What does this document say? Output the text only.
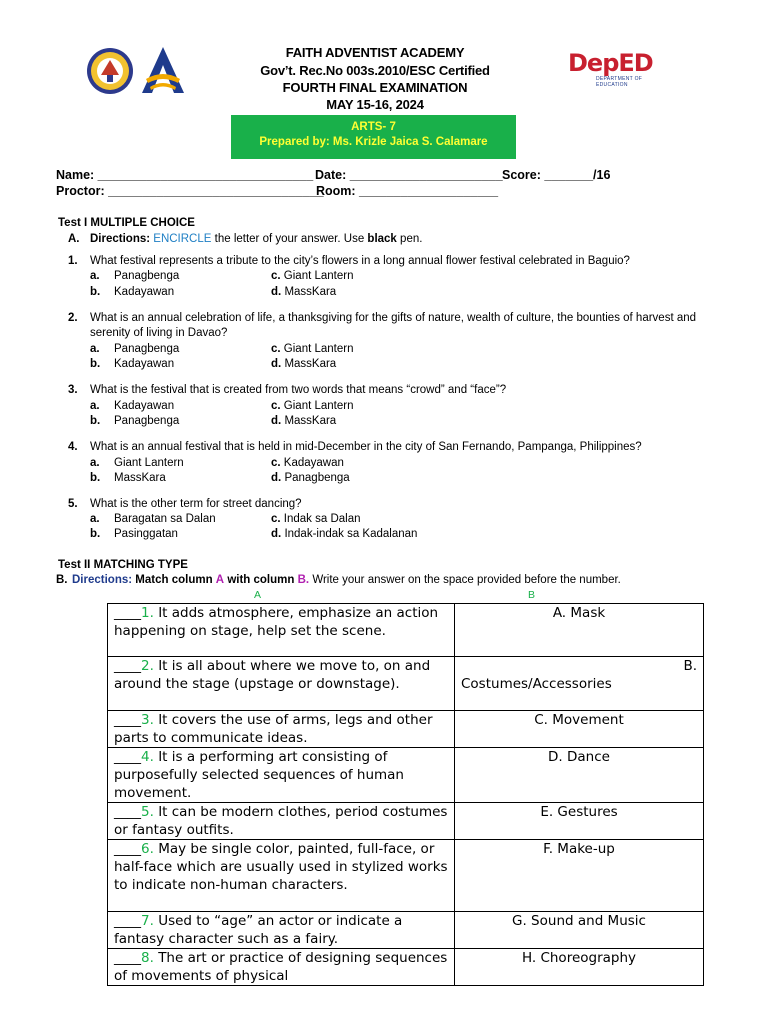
DepED
DEPARTMENT OF EDUCATION
FAITH ADVENTIST ACADEMY
Gov’t. Rec.No 003s.2010/ESC Certified
FOURTH FINAL EXAMINATION
MAY 15-16, 2024
ARTS- 7
Prepared by: Ms. Krizle Jaica S. Calamare
Name: _______________________________ Date: ______________________ Score: _______/16
Proctor: _______________________________
Room: ____________________
Test I MULTIPLE CHOICE
A. Directions: ENCIRCLE the letter of your answer. Use black pen.
1. What festival represents a tribute to the city’s flowers in a long annual flower festival celebrated in Baguio?
a. Panagbenga
b. Kadayawan
c. Giant Lantern
d. MassKara
2. What is an annual celebration of life, a thanksgiving for the gifts of nature, wealth of culture, the bounties of harvest and
serenity of living in Davao?
a. Panagbenga
b. Kadayawan
c. Giant Lantern
d. MassKara
3. What is the festival that is created from two words that means “crowd” and “face”?
a. Kadayawan
b. Panagbenga
c. Giant Lantern
d. MassKara
4. What is an annual festival that is held in mid-December in the city of San Fernando, Pampanga, Philippines?
a. Giant Lantern
b. MassKara
c. Kadayawan
d. Panagbenga
5. What is the other term for street dancing?
a. Baragatan sa Dalan
b. Pasinggatan
c. Indak sa Dalan
d. Indak-indak sa Kadalanan
Test II MATCHING TYPE
B. Directions: Match column A with column B. Write your answer on the space provided before the number.
A	B
____1. It adds atmosphere, emphasize an action happening on stage, help set the scene.	A. Mask
____2. It is all about where we move to, on and around the stage (upstage or downstage).	B.
Costumes/Accessories

____3. It covers the use of arms, legs and other parts to communicate ideas.	C. Movement
____4. It is a performing art consisting of purposefully selected sequences of human movement.	D. Dance
____5. It can be modern clothes, period costumes or fantasy outfits.	E. Gestures
____6. May be single color, painted, full-face, or half-face which are usually used in stylized works to indicate non-human characters.	F. Make-up
____7. Used to “age” an actor or indicate a fantasy character such as a fairy.	G. Sound and Music
____8. The art or practice of designing sequences of movements of physical	H. Choreography
